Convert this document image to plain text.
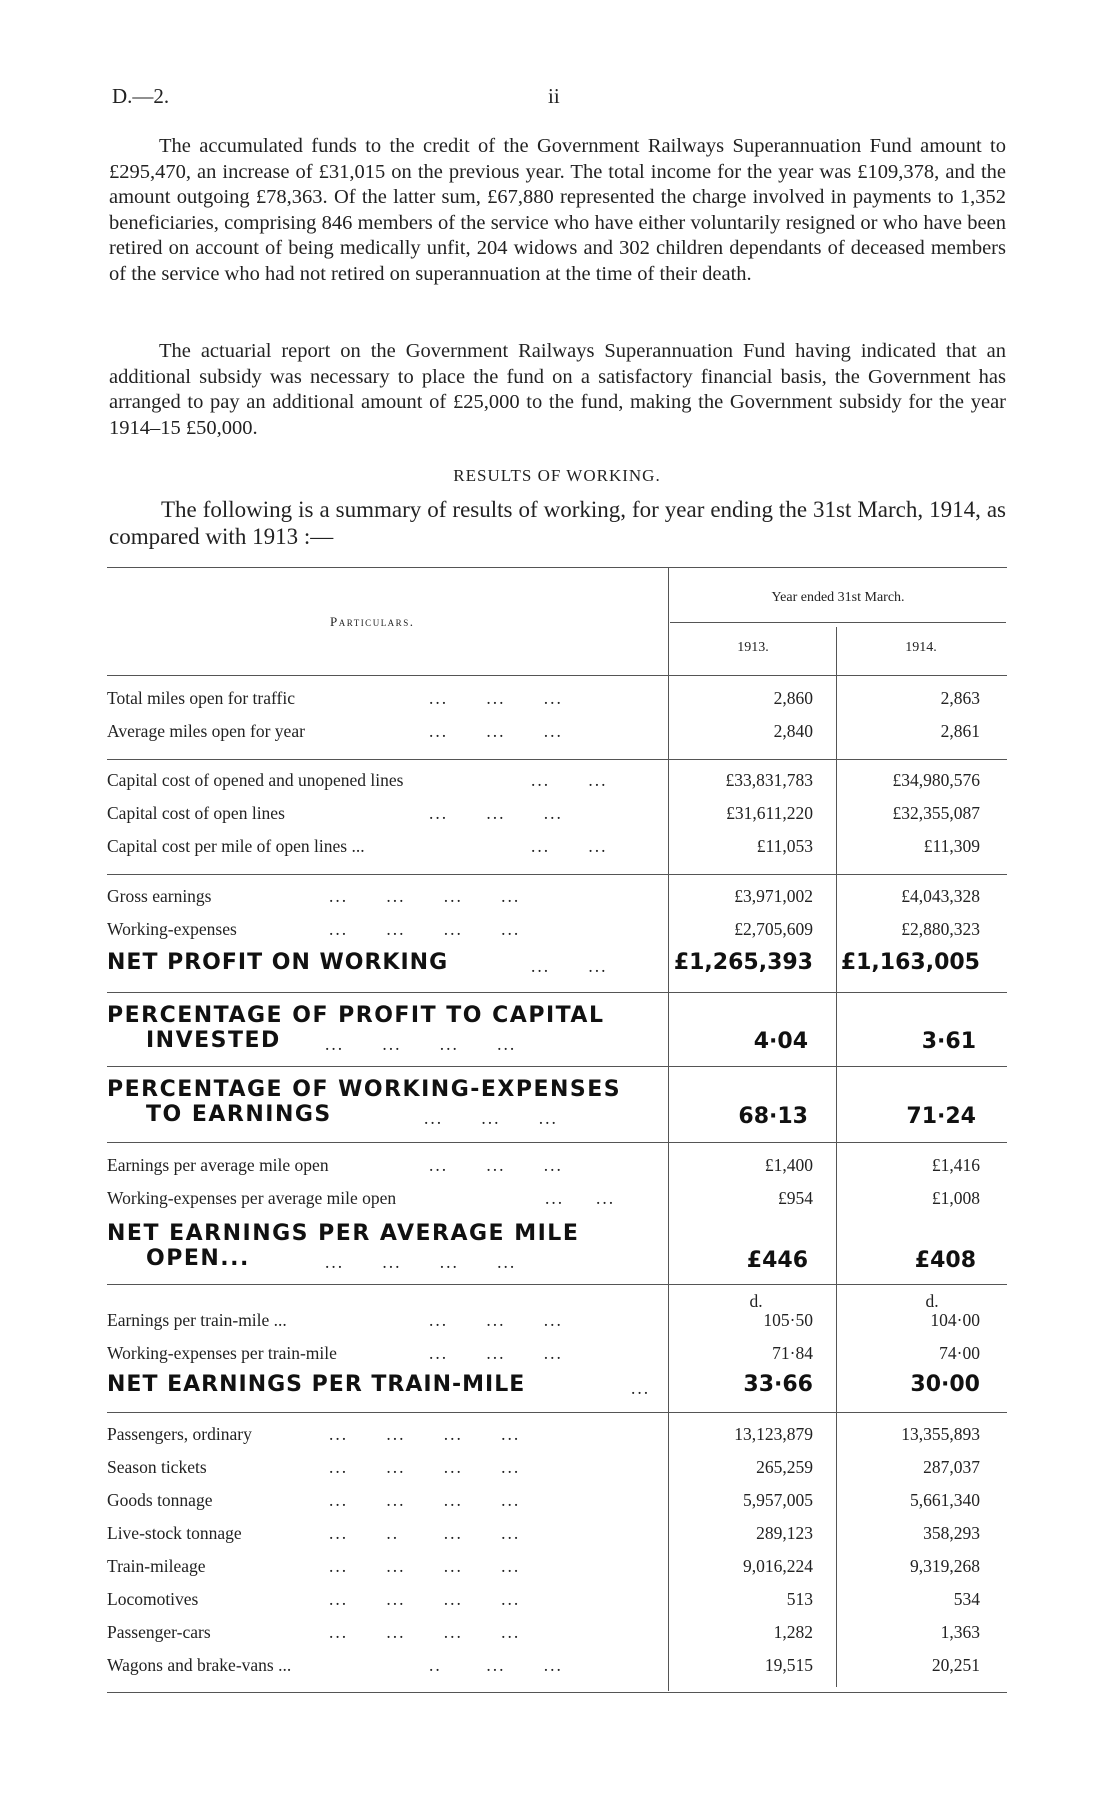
D.—2.	ii
The accumulated funds to the credit of the Government Railways Superannuation Fund amount to £295,470, an increase of £31,015 on the previous year. The total income for the year was £109,378, and the amount outgoing £78,363. Of the latter sum, £67,880 represented the charge involved in payments to 1,352 beneficiaries, comprising 846 members of the service who have either voluntarily resigned or who have been retired on account of being medically unfit, 204 widows and 302 children dependants of deceased members of the service who had not retired on superannuation at the time of their death.
The actuarial report on the Government Railways Superannuation Fund having indicated that an additional subsidy was necessary to place the fund on a satisfactory financial basis, the Government has arranged to pay an additional amount of £25,000 to the fund, making the Government subsidy for the year 1914–15 £50,000.
RESULTS OF WORKING.
The following is a summary of results of working, for year ending the 31st March, 1914, as compared with 1913 :—
Particulars.
Year ended 31st March.
1913.	1914.
Total miles open for traffic	...      ...      ...	2,860	2,863
Average miles open for year	...      ...      ...	2,840	2,861
Capital cost of opened and unopened lines	...      ...	£33,831,783	£34,980,576
Capital cost of open lines	...      ...      ...	£31,611,220	£32,355,087
Capital cost per mile of open lines ...	...      ...	£11,053	£11,309
Gross earnings	...      ...      ...      ...	£3,971,002	£4,043,328
Working-expenses	...      ...      ...      ...	£2,705,609	£2,880,323
NET PROFIT ON WORKING	...      ...	£1,265,393 £1,163,005
PERCENTAGE OF PROFIT TO CAPITAL
INVESTED	...      ...      ...      ...	4·04	3·61
PERCENTAGE OF WORKING-EXPENSES
TO EARNINGS	...      ...      ...	68·13	71·24
Earnings per average mile open	...      ...      ...	£1,400	£1,416
Working-expenses per average mile open	...     ...	£954	£1,008
NET EARNINGS PER AVERAGE MILE
OPEN...	...      ...      ...      ...	£446	£408
d.	d.
Earnings per train-mile ...	...      ...      ...	105·50	104·00
Working-expenses per train-mile	...      ...      ...	71·84	74·00
NET EARNINGS PER TRAIN-MILE	...	33·66	30·00
Passengers, ordinary	...      ...      ...      ...	13,123,879	13,355,893
Season tickets	...      ...      ...      ...	265,259	287,037
Goods tonnage	...      ...      ...      ...	5,957,005	5,661,340
Live-stock tonnage	...      ..       ...      ...	289,123	358,293
Train-mileage	...      ...      ...      ...	9,016,224	9,319,268
Locomotives	...      ...      ...      ...	513	534
Passenger-cars	...      ...      ...      ...	1,282	1,363
Wagons and brake-vans ...	..       ...      ...	19,515	20,251
